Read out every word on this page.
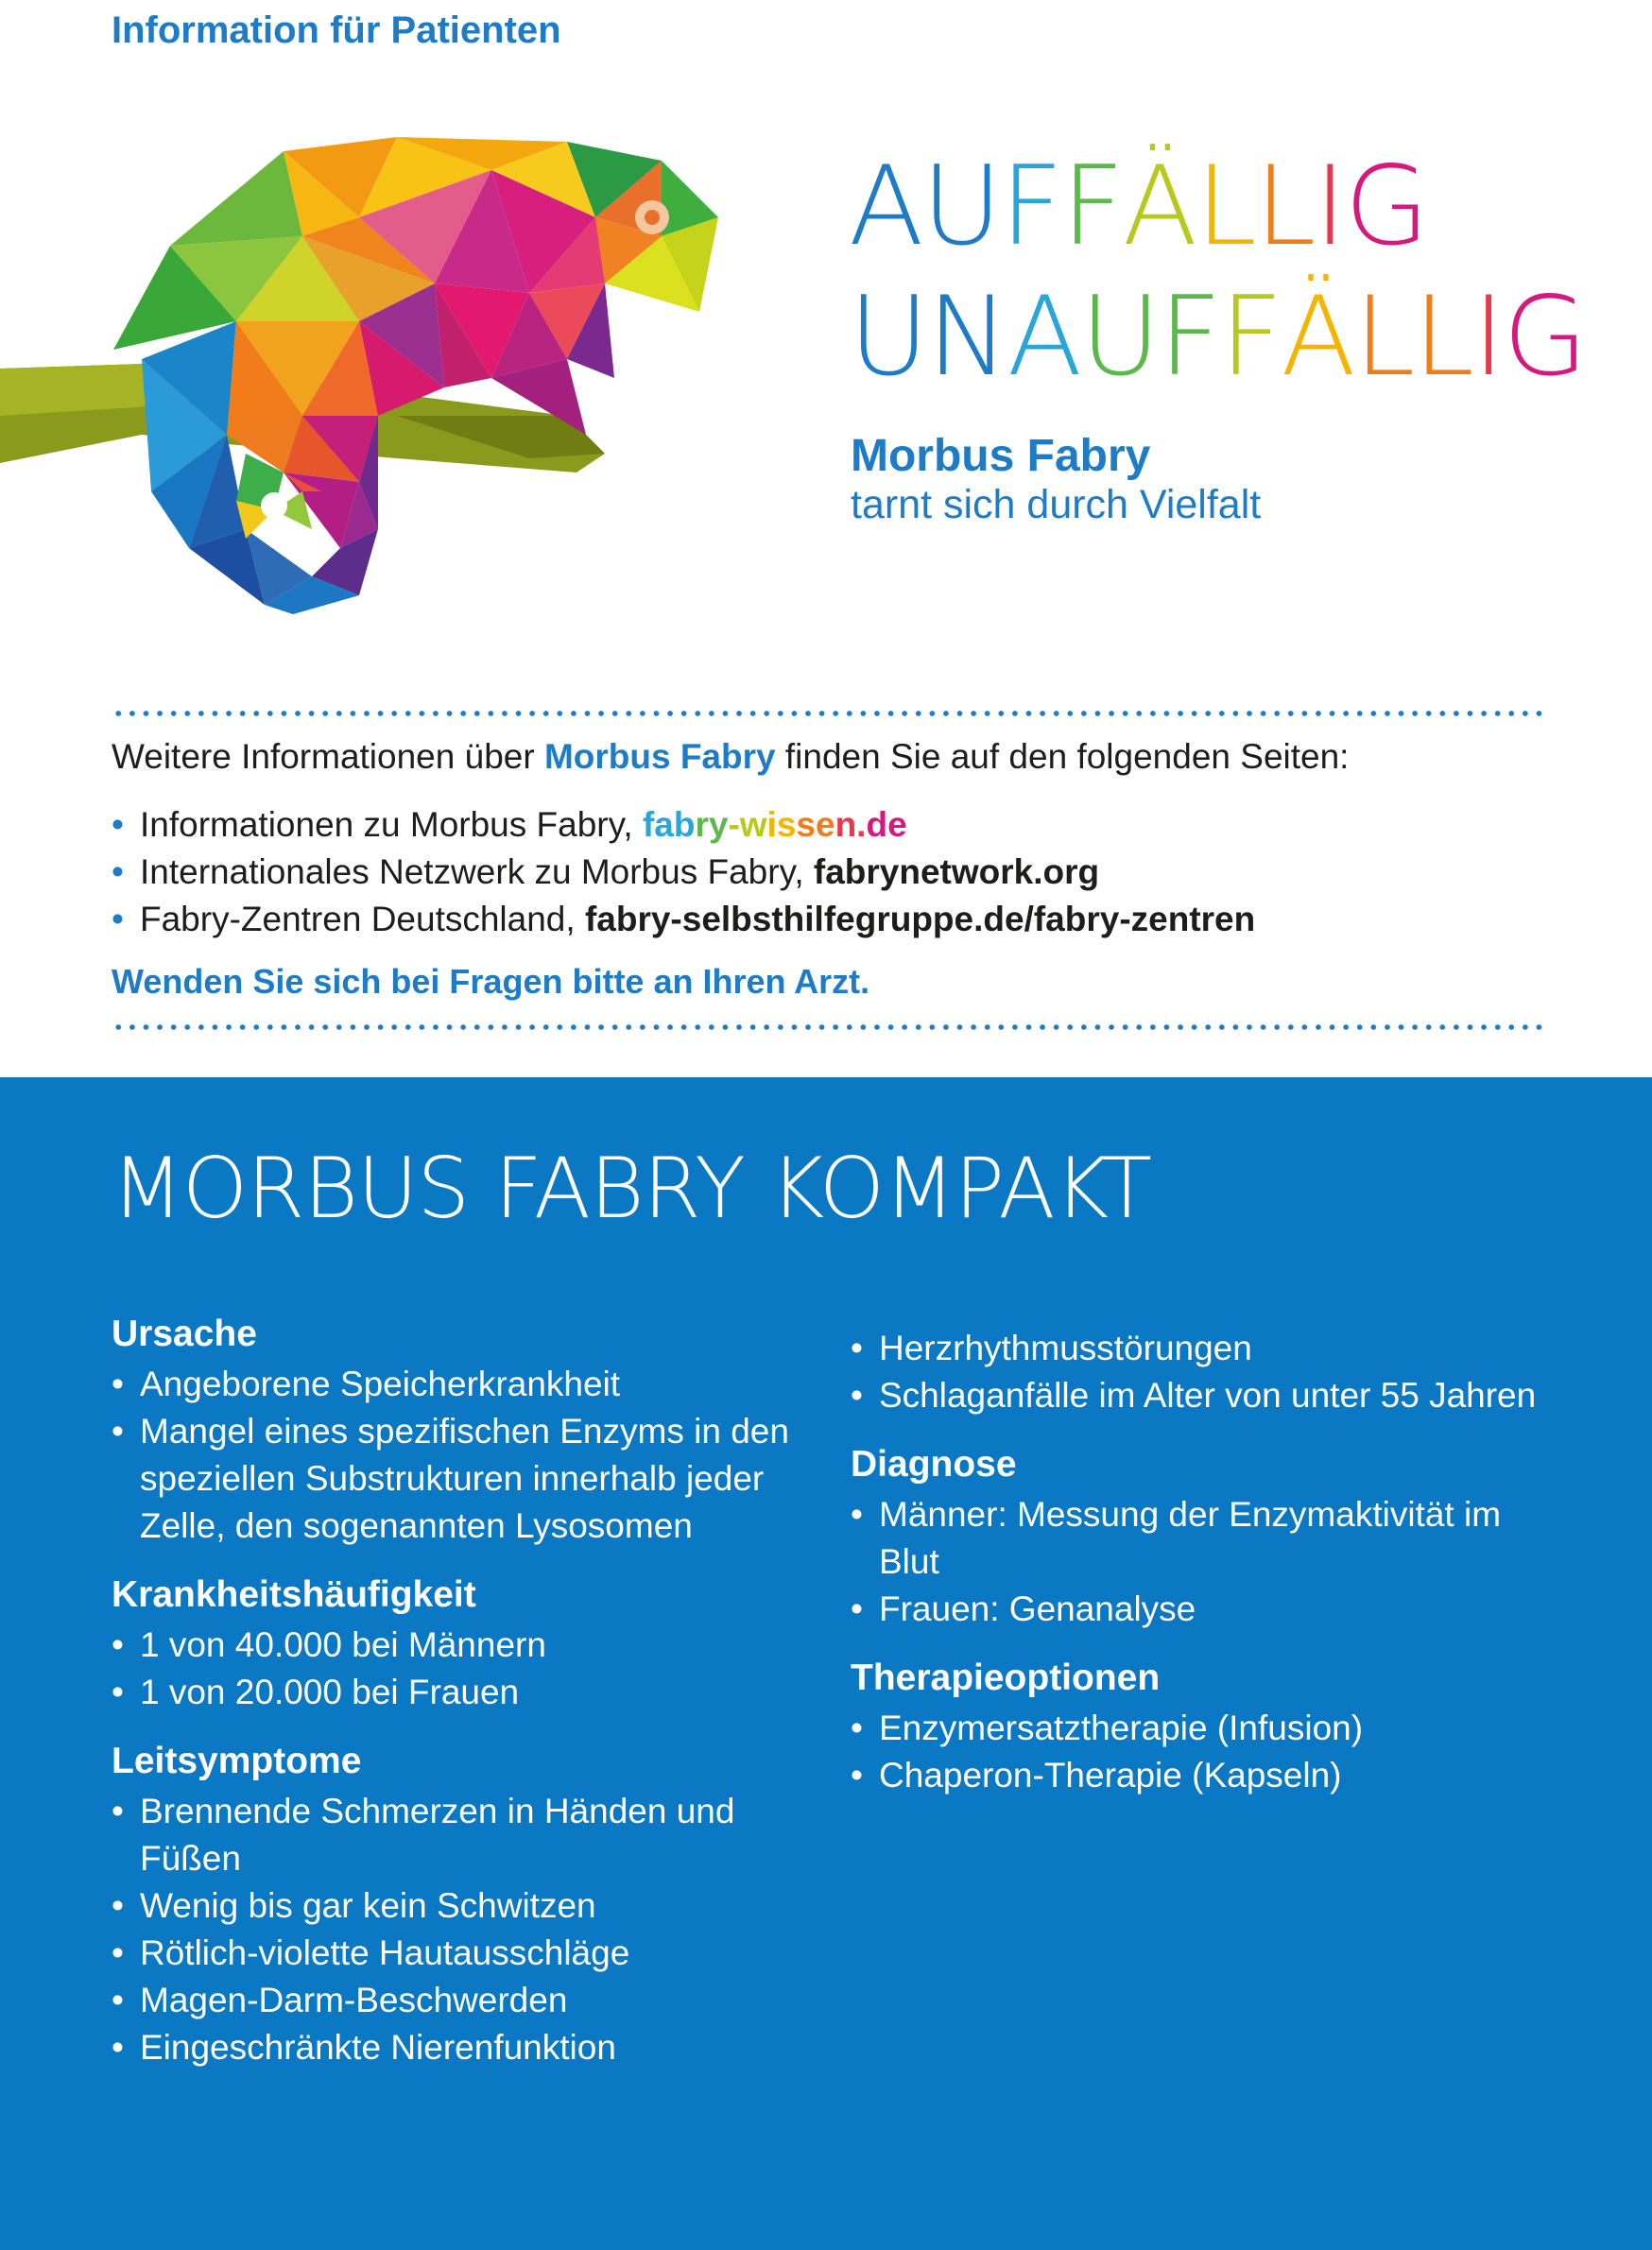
Information für Patienten
AUFFÄLLIG
UNAUFFÄLLIG
Morbus Fabry
tarnt sich durch Vielfalt
Weitere Informationen über Morbus Fabry finden Sie auf den folgenden Seiten:
• Informationen zu Morbus Fabry, fabry-wissen.de
• Internationales Netzwerk zu Morbus Fabry, fabrynetwork.org
• Fabry-Zentren Deutschland, fabry-selbsthilfegruppe.de/fabry-zentren
Wenden Sie sich bei Fragen bitte an Ihren Arzt.
MORBUS FABRY KOMPAKT
Ursache
• Angeborene Speicherkrankheit
• Mangel eines spezifischen Enzyms in den speziellen Substrukturen innerhalb jeder Zelle, den sogenannten Lysosomen
Krankheitshäufigkeit
• 1 von 40.000 bei Männern
• 1 von 20.000 bei Frauen
Leitsymptome
• Brennende Schmerzen in Händen und Füßen
• Wenig bis gar kein Schwitzen
• Rötlich-violette Hautausschläge
• Magen-Darm-Beschwerden
• Eingeschränkte Nierenfunktion
• Herzrhythmusstörungen
• Schlaganfälle im Alter von unter 55 Jahren
Diagnose
• Männer: Messung der Enzymaktivität im Blut
• Frauen: Genanalyse
Therapieoptionen
• Enzymersatztherapie (Infusion)
• Chaperon-Therapie (Kapseln)
